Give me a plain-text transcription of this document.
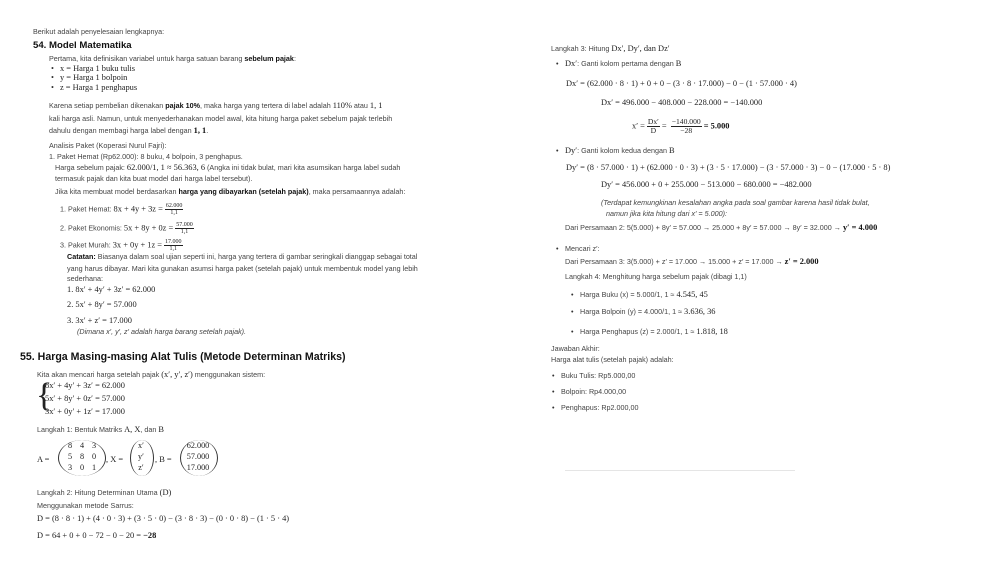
Berikut adalah penyelesaian lengkapnya:
54. Model Matematika
Pertama, kita definisikan variabel untuk harga satuan barang sebelum pajak:
• x = Harga 1 buku tulis
• y = Harga 1 bolpoin
• z = Harga 1 penghapus
Karena setiap pembelian dikenakan pajak 10%, maka harga yang tertera di label adalah 110% atau 1, 1
kali harga asli. Namun, untuk menyederhanakan model awal, kita hitung harga paket sebelum pajak terlebih
dahulu dengan membagi harga label dengan 1, 1.
Analisis Paket (Koperasi Nurul Fajri):
1. Paket Hemat (Rp62.000): 8 buku, 4 bolpoin, 3 penghapus.
Harga sebelum pajak: 62.000/1, 1 ≈ 56.363, 6 (Angka ini tidak bulat, mari kita asumsikan harga label sudah
termasuk pajak dan kita buat model dari harga label tersebut).
Jika kita membuat model berdasarkan harga yang dibayarkan (setelah pajak), maka persamaannya adalah:
1. Paket Hemat: $8x + 4y + 3z = \frac{62.000}{1,1}$
2. Paket Ekonomis: $5x + 8y + 0z = \frac{57.000}{1,1}$
3. Paket Murah: $3x + 0y + 1z = \frac{17.000}{1,1}$
Catatan: Biasanya dalam soal ujian seperti ini, harga yang tertera di gambar seringkali dianggap sebagai total
yang harus dibayar. Mari kita gunakan asumsi harga paket (setelah pajak) untuk membentuk model yang lebih
sederhana:
1. 8x′ + 4y′ + 3z′ = 62.000
2. 5x′ + 8y′ = 57.000
3. 3x′ + z′ = 17.000
(Dimana x′, y′, z′ adalah harga barang setelah pajak).
55. Harga Masing-masing Alat Tulis (Metode Determinan Matriks)
Kita akan mencari harga setelah pajak (x′, y′, z′) menggunakan sistem:
{
8x′ + 4y′ + 3z′ = 62.000
5x′ + 8y′ + 0z′ = 57.000
3x′ + 0y′ + 1z′ = 17.000
Langkah 1: Bentuk Matriks A, X, dan B
A =
8 4 3
5 8 0
3 0 1
, X =
x′
y′
z′
, B =
62.000
57.000
17.000
Langkah 2: Hitung Determinan Utama (D)
Menggunakan metode Sarrus:
D = (8 · 8 · 1) + (4 · 0 · 3) + (3 · 5 · 0) − (3 · 8 · 3) − (0 · 0 · 8) − (1 · 5 · 4)
D = 64 + 0 + 0 − 72 − 0 − 20 = −28
Langkah 3: Hitung Dx′, Dy′, dan Dz′
• Dx′: Ganti kolom pertama dengan B
Dx′ = (62.000 · 8 · 1) + 0 + 0 − (3 · 8 · 17.000) − 0 − (1 · 57.000 · 4)
Dx′ = 496.000 − 408.000 − 228.000 = −140.000
$x' = \frac{Dx'}{D} = \frac{-140.000}{-28} = 5.000$
• Dy′: Ganti kolom kedua dengan B
Dy′ = (8 · 57.000 · 1) + (62.000 · 0 · 3) + (3 · 5 · 17.000) − (3 · 57.000 · 3) − 0 − (17.000 · 5 · 8)
Dy′ = 456.000 + 0 + 255.000 − 513.000 − 680.000 = −482.000
(Terdapat kemungkinan kesalahan angka pada soal gambar karena hasil tidak bulat,
namun jika kita hitung dari x′ = 5.000):
Dari Persamaan 2: 5(5.000) + 8y′ = 57.000 → 25.000 + 8y′ = 57.000 → 8y′ = 32.000 → y′ = 4.000
• Mencari z′:
Dari Persamaan 3: 3(5.000) + z′ = 17.000 → 15.000 + z′ = 17.000 → z′ = 2.000
Langkah 4: Menghitung harga sebelum pajak (dibagi 1,1)
• Harga Buku (x) = 5.000/1, 1 ≈ 4.545, 45
• Harga Bolpoin (y) = 4.000/1, 1 ≈ 3.636, 36
• Harga Penghapus (z) = 2.000/1, 1 ≈ 1.818, 18
Jawaban Akhir:
Harga alat tulis (setelah pajak) adalah:
• Buku Tulis: Rp5.000,00
• Bolpoin: Rp4.000,00
• Penghapus: Rp2.000,00
